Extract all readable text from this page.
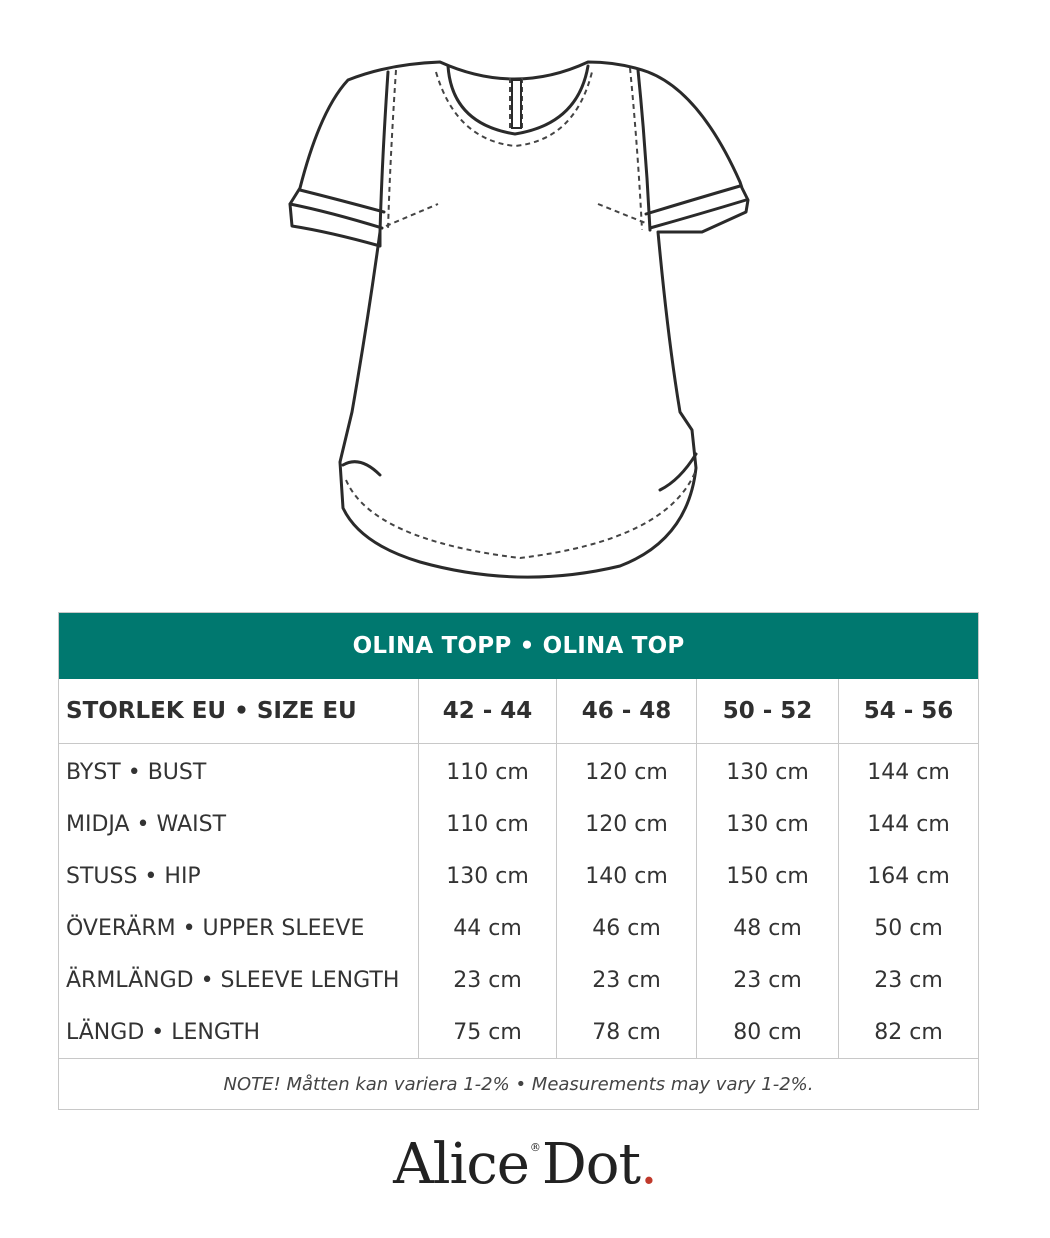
OLINA TOPP • OLINA TOP				
STORLEK EU • SIZE EU	42 - 44	46 - 48	50 - 52	54 - 56
BYST • BUST	110 cm	120 cm	130 cm	144 cm
MIDJA • WAIST	110 cm	120 cm	130 cm	144 cm
STUSS • HIP	130 cm	140 cm	150 cm	164 cm
ÖVERÄRM • UPPER SLEEVE	44 cm	46 cm	48 cm	50 cm
ÄRMLÄNGD • SLEEVE LENGTH	23 cm	23 cm	23 cm	23 cm
LÄNGD • LENGTH	75 cm	78 cm	80 cm	82 cm
NOTE! Måtten kan variera 1-2% • Measurements may vary 1-2%.				
Alice®Dot.
